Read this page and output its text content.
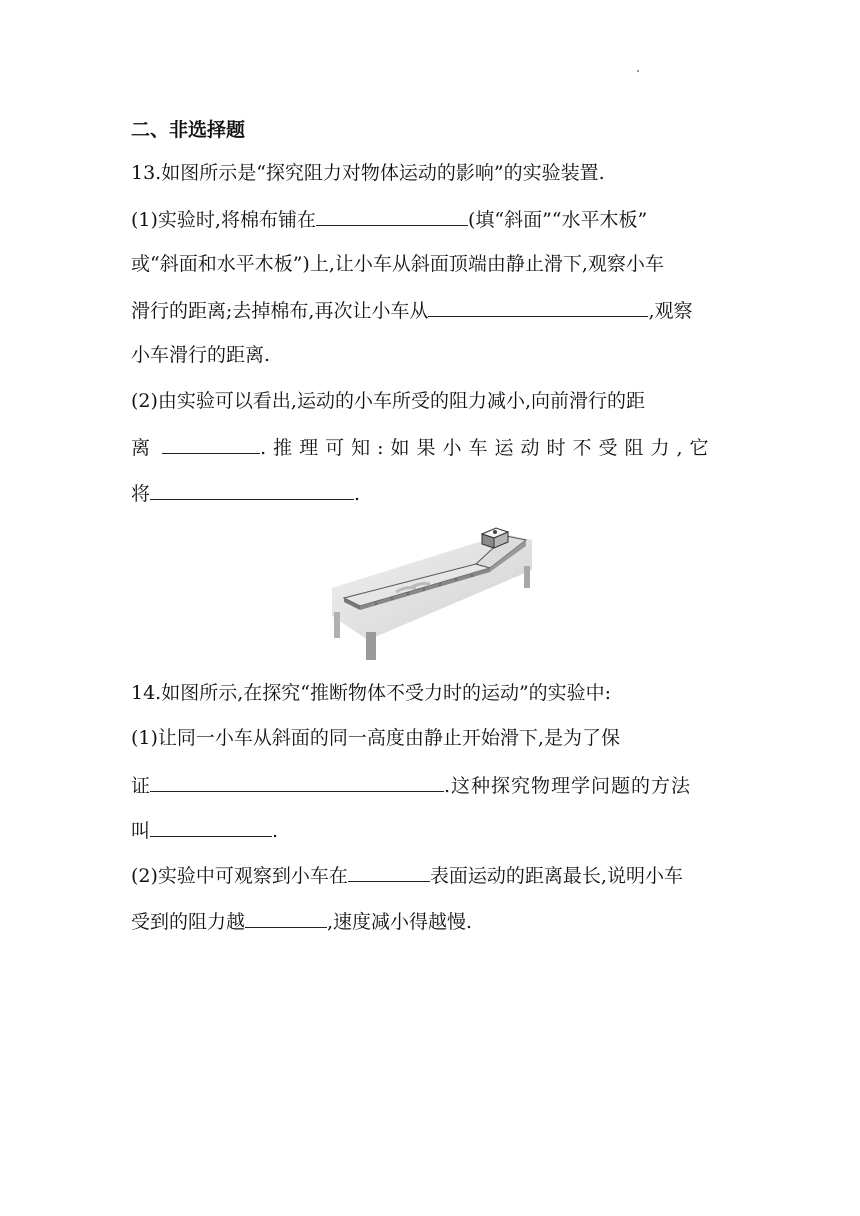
二、非选择题
13.如图所示是“探究阻力对物体运动的影响”的实验装置.
(1)实验时,将棉布铺在	(填“斜面”“水平木板”
或“斜面和水平木板”)上,让小车从斜面顶端由静止滑下,观察小车
滑行的距离;去掉棉布,再次让小车从	,观察
小车滑行的距离.
(2)由实验可以看出,运动的小车所受的阻力减小,向前滑行的距
离	.推理可知:如果小车运动时不受阻力,它
将	.
14.如图所示,在探究“推断物体不受力时的运动”的实验中:
(1)让同一小车从斜面的同一高度由静止开始滑下,是为了保
证	.这种探究物理学问题的方法
叫	.
(2)实验中可观察到小车在	表面运动的距离最长,说明小车
受到的阻力越	,速度减小得越慢.
